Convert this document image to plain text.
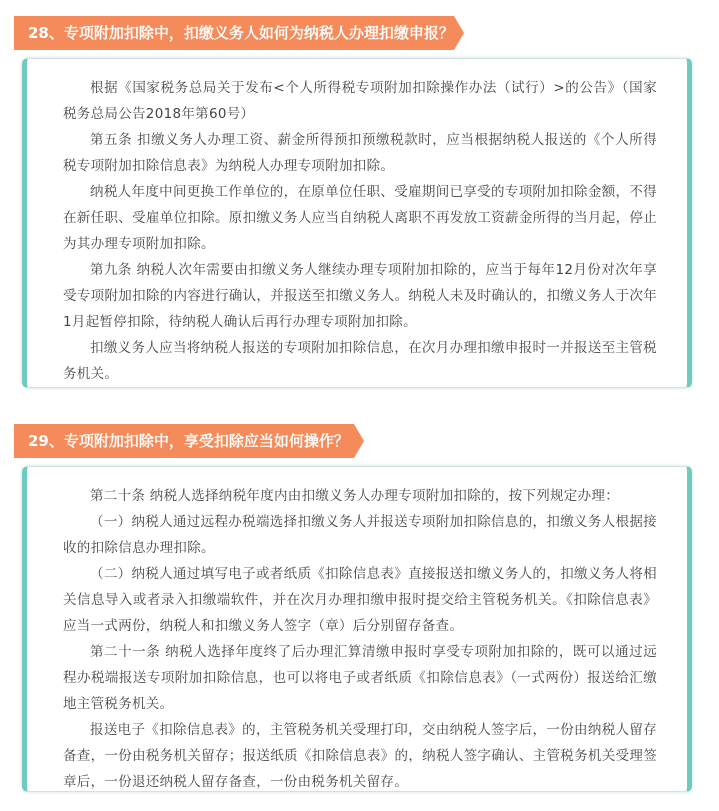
28、专项附加扣除中，扣缴义务人如何为纳税人办理扣缴申报？

根据《国家税务总局关于发布<个人所得税专项附加扣除操作办法（试行）>的公告》（国家税务总局公告2018年第60号）

第五条 扣缴义务人办理工资、薪金所得预扣预缴税款时，应当根据纳税人报送的《个人所得税专项附加扣除信息表》为纳税人办理专项附加扣除。

纳税人年度中间更换工作单位的，在原单位任职、受雇期间已享受的专项附加扣除金额，不得在新任职、受雇单位扣除。原扣缴义务人应当自纳税人离职不再发放工资薪金所得的当月起，停止为其办理专项附加扣除。

第九条 纳税人次年需要由扣缴义务人继续办理专项附加扣除的，应当于每年12月份对次年享受专项附加扣除的内容进行确认，并报送至扣缴义务人。纳税人未及时确认的，扣缴义务人于次年1月起暂停扣除，待纳税人确认后再行办理专项附加扣除。

扣缴义务人应当将纳税人报送的专项附加扣除信息，在次月办理扣缴申报时一并报送至主管税务机关。

29、专项附加扣除中，享受扣除应当如何操作？

第二十条 纳税人选择纳税年度内由扣缴义务人办理专项附加扣除的，按下列规定办理：

（一）纳税人通过远程办税端选择扣缴义务人并报送专项附加扣除信息的，扣缴义务人根据接收的扣除信息办理扣除。

（二）纳税人通过填写电子或者纸质《扣除信息表》直接报送扣缴义务人的，扣缴义务人将相关信息导入或者录入扣缴端软件，并在次月办理扣缴申报时提交给主管税务机关。《扣除信息表》应当一式两份，纳税人和扣缴义务人签字（章）后分别留存备查。

第二十一条 纳税人选择年度终了后办理汇算清缴申报时享受专项附加扣除的，既可以通过远程办税端报送专项附加扣除信息，也可以将电子或者纸质《扣除信息表》（一式两份）报送给汇缴地主管税务机关。

报送电子《扣除信息表》的，主管税务机关受理打印，交由纳税人签字后，一份由纳税人留存备查，一份由税务机关留存；报送纸质《扣除信息表》的，纳税人签字确认、主管税务机关受理签章后，一份退还纳税人留存备查，一份由税务机关留存。
